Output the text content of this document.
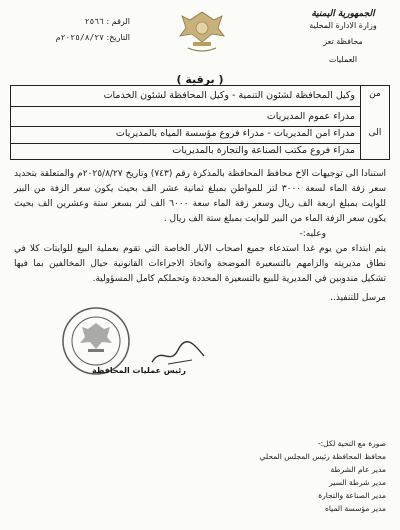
الجمهورية اليمنية
وزارة الادارة المحلية
محافظة تعز
العمليات
الرقم : ٢٥٦٦
التاريخ: ٢٠٢٥/٨/٢٧م
( برقية )
من
الى
وكيل المحافظة لشئون التنمية - وكيل المحافظة لشئون الخدمات
مدراء عموم المديريات
مدراء امن المديريات - مدراء فروع مؤسسة المياه بالمديريات
مدراء فروع مكتب الصناعة والتجارة بالمديريات

استنادا الى توجيهات الاخ محافظ المحافظة بالمذكرة رقم (٧٤٣) وتاريخ ٢٠٢٥/٨/٢٧م والمتعلقة بتحديد سعر زفة الماء لسعة ٣٠٠٠ لتر للمواطن بمبلغ ثمانية عشر الف بحيث يكون سعر الزفة من البير للوايت بمبلغ اربعة الف ريال وسعر زفة الماء سعة ٦٠٠٠ الف لتر بسعر ستة وعشرين الف بحيث يكون سعر الزفة الماء من البير للوايت بمبلغ ستة الف ريال .

وعليه:-

يتم ابتداء من يوم غدا استدعاء جميع اصحاب الابار الخاصة التي تقوم بعملية البيع للوايتات كلا في نطاق مديريته والزامهم بالتسعيرة الموضحة واتخاذ الاجراءات القانونية حيال المخالفين بما فيها تشكيل مندوبين في المديرية للبيع بالتسعيرة المحددة وتحملكم كامل المسؤولية.

مرسل للتنفيذ..

رئيس عمليات المحافظة
صورة مع التحية لكل:-
محافظ المحافظة رئيس المجلس المحلي
مدير عام الشرطة
مدير شرطة السير
مدير الصناعة والتجارة
مدير مؤسسة المياه
